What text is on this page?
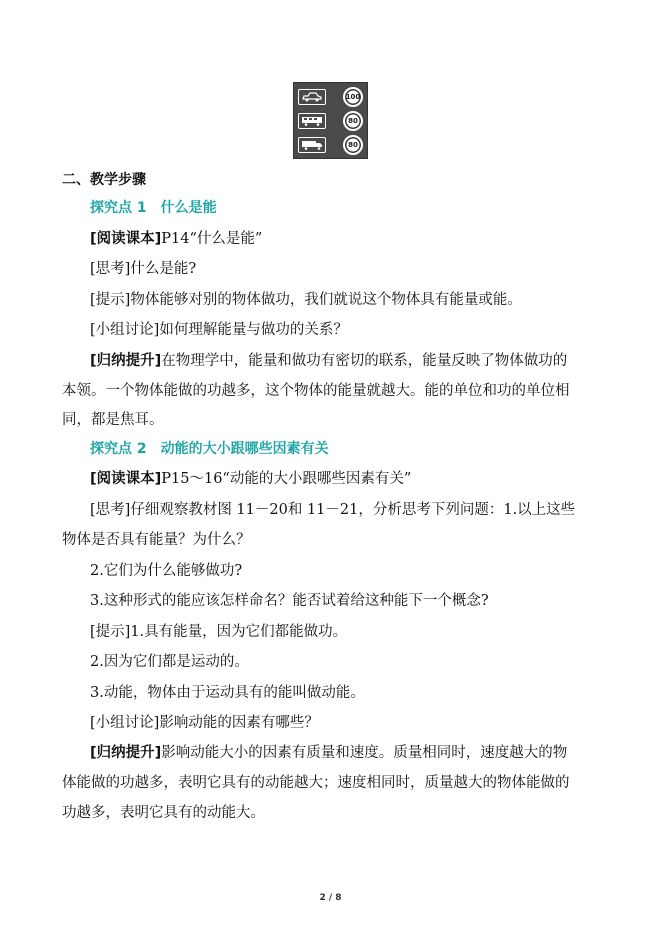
100
80
80
二、教学步骤
探究点 1　什么是能
[阅读课本]P14“什么是能”
[思考]什么是能?
[提示]物体能够对别的物体做功，我们就说这个物体具有能量或能。
[小组讨论]如何理解能量与做功的关系？
[归纳提升]在物理学中，能量和做功有密切的联系，能量反映了物体做功的
本领。一个物体能做的功越多，这个物体的能量就越大。能的单位和功的单位相
同，都是焦耳。
探究点 2　动能的大小跟哪些因素有关
[阅读课本]P15～16“动能的大小跟哪些因素有关”
[思考]仔细观察教材图 11－20和 11－21，分析思考下列问题：1.以上这些
物体是否具有能量？为什么？
2.它们为什么能够做功?
3.这种形式的能应该怎样命名？能否试着给这种能下一个概念?
[提示]1.具有能量，因为它们都能做功。
2.因为它们都是运动的。
3.动能，物体由于运动具有的能叫做动能。
[小组讨论]影响动能的因素有哪些？
[归纳提升]影响动能大小的因素有质量和速度。质量相同时，速度越大的物
体能做的功越多，表明它具有的动能越大；速度相同时，质量越大的物体能做的
功越多，表明它具有的动能大。
2 / 8
